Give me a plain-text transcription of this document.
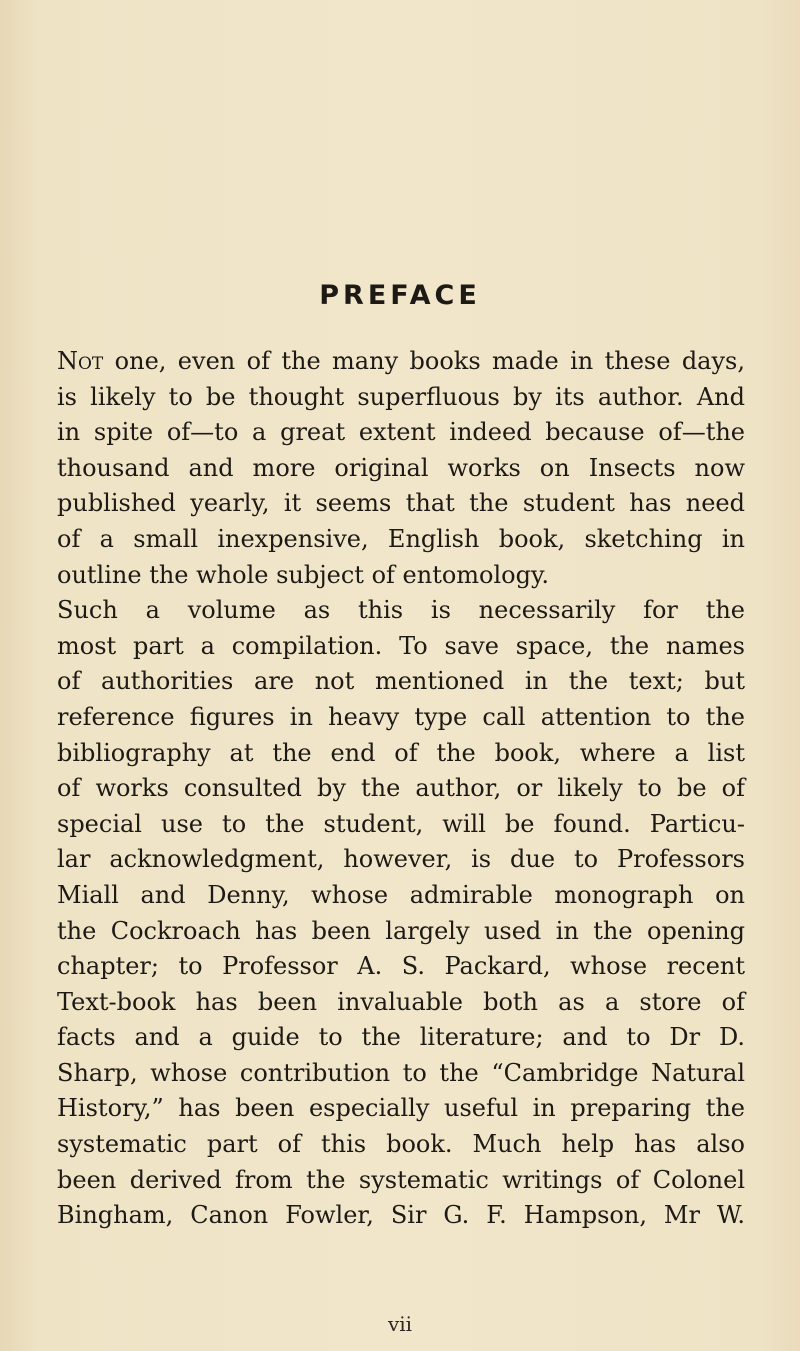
PREFACE
Not one, even of the many books made in these days,
is likely to be thought superfluous by its author. And
in spite of—to a great extent indeed because of—the
thousand and more original works on Insects now
published yearly, it seems that the student has need
of a small inexpensive, English book, sketching in
outline the whole subject of entomology.
Such a volume as this is necessarily for the
most part a compilation. To save space, the names
of authorities are not mentioned in the text; but
reference figures in heavy type call attention to the
bibliography at the end of the book, where a list
of works consulted by the author, or likely to be of
special use to the student, will be found. Particu-
lar acknowledgment, however, is due to Professors
Miall and Denny, whose admirable monograph on
the Cockroach has been largely used in the opening
chapter; to Professor A. S. Packard, whose recent
Text-book has been invaluable both as a store of
facts and a guide to the literature; and to Dr D.
Sharp, whose contribution to the “Cambridge Natural
History,” has been especially useful in preparing the
systematic part of this book. Much help has also
been derived from the systematic writings of Colonel
Bingham, Canon Fowler, Sir G. F. Hampson, Mr W.
vii
